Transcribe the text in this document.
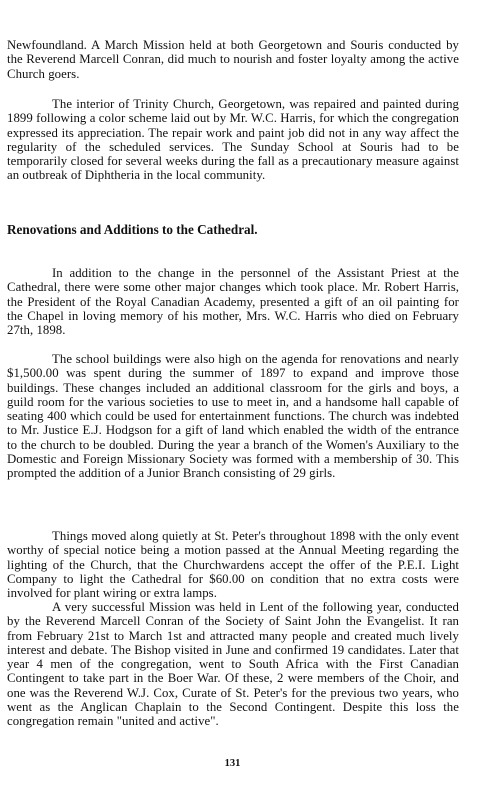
Newfoundland. A March Mission held at both Georgetown and Souris conducted by the Reverend Marcell Conran, did much to nourish and foster loyalty among the active Church goers.

The interior of Trinity Church, Georgetown, was repaired and painted during 1899 following a color scheme laid out by Mr. W.C. Harris, for which the congregation expressed its appreciation. The repair work and paint job did not in any way affect the regularity of the scheduled services. The Sunday School at Souris had to be temporarily closed for several weeks during the fall as a precautionary measure against an outbreak of Diphtheria in the local community.

Renovations and Additions to the Cathedral.

In addition to the change in the personnel of the Assistant Priest at the Cathedral, there were some other major changes which took place. Mr. Robert Harris, the President of the Royal Canadian Academy, presented a gift of an oil painting for the Chapel in loving memory of his mother, Mrs. W.C. Harris who died on February 27th, 1898.

The school buildings were also high on the agenda for renovations and nearly $1,500.00 was spent during the summer of 1897 to expand and improve those buildings. These changes included an additional classroom for the girls and boys, a guild room for the various societies to use to meet in, and a handsome hall capable of seating 400 which could be used for entertainment functions. The church was indebted to Mr. Justice E.J. Hodgson for a gift of land which enabled the width of the entrance to the church to be doubled. During the year a branch of the Women's Auxiliary to the Domestic and Foreign Missionary Society was formed with a membership of 30. This prompted the addition of a Junior Branch consisting of 29 girls.

Things moved along quietly at St. Peter's throughout 1898 with the only event worthy of special notice being a motion passed at the Annual Meeting regarding the lighting of the Church, that the Churchwardens accept the offer of the P.E.I. Light Company to light the Cathedral for $60.00 on condition that no extra costs were involved for plant wiring or extra lamps.

A very successful Mission was held in Lent of the following year, conducted by the Reverend Marcell Conran of the Society of Saint John the Evangelist. It ran from February 21st to March 1st and attracted many people and created much lively interest and debate. The Bishop visited in June and confirmed 19 candidates. Later that year 4 men of the congregation, went to South Africa with the First Canadian Contingent to take part in the Boer War. Of these, 2 were members of the Choir, and one was the Reverend W.J. Cox, Curate of St. Peter's for the previous two years, who went as the Anglican Chaplain to the Second Contingent. Despite this loss the congregation remain "united and active".

131
